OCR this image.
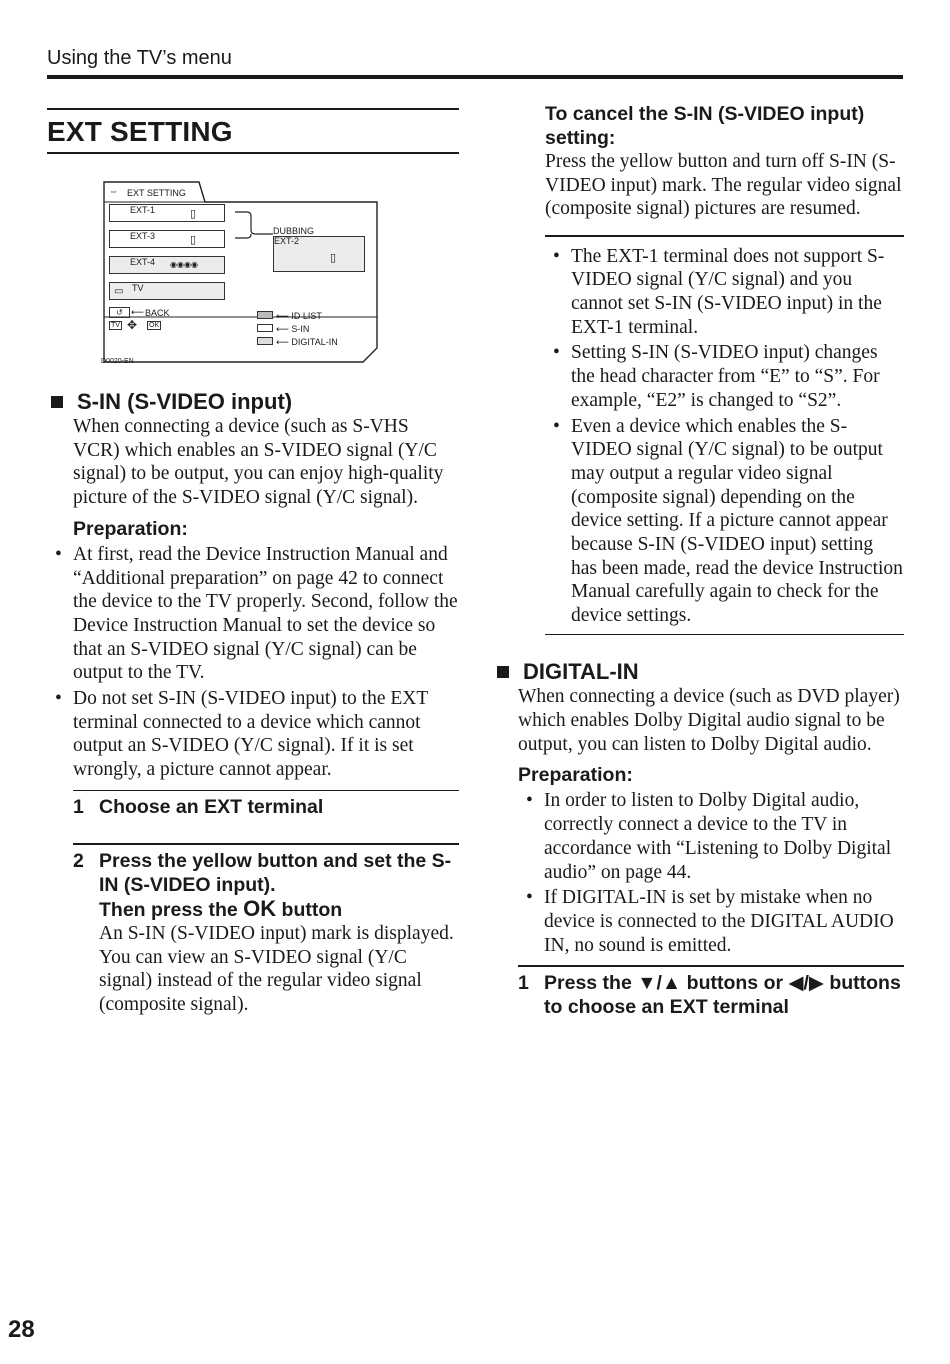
Using the TV’s menu
EXT SETTING
⇔ EXT SETTING
EXT-1	▯
EXT-3	▯
EXT-4 ◉◉◉◉
▭ TV
DUBBING
EXT-2
▯
↺ ⟵ BACK
TV ✥ OK
⟵ ID LIST
⟵ S-IN
⟵ DIGITAL-IN
D0020-EN
S-IN (S-VIDEO input)

When connecting a device (such as S-VHS VCR) which enables an S-VIDEO signal (Y/C signal) to be output, you can enjoy high-quality picture of the S-VIDEO signal (Y/C signal).

Preparation:
• At first, read the Device Instruction Manual and “Additional preparation” on page 42 to connect the device to the TV properly. Second, follow the Device Instruction Manual to set the device so that an S-VIDEO signal (Y/C signal) can be output to the TV.
• Do not set S-IN (S-VIDEO input) to the EXT terminal connected to a device which cannot output an S-VIDEO (Y/C signal). If it is set wrongly, a picture cannot appear.
1 Choose an EXT terminal
2 Press the yellow button and set the S-IN (S-VIDEO input).
Then press the OK button

An S-IN (S-VIDEO input) mark is displayed. You can view an S-VIDEO signal (Y/C signal) instead of the regular video signal (composite signal).

To cancel the S-IN (S-VIDEO input) setting:

Press the yellow button and turn off S-IN (S-VIDEO input) mark. The regular video signal (composite signal) pictures are resumed.

• The EXT-1 terminal does not support S-VIDEO signal (Y/C signal) and you cannot set S-IN (S-VIDEO input) in the EXT-1 terminal.
• Setting S-IN (S-VIDEO input) changes the head character from “E” to “S”. For example, “E2” is changed to “S2”.
• Even a device which enables the S-VIDEO signal (Y/C signal) to be output may output a regular video signal (composite signal) depending on the device setting. If a picture cannot appear because S-IN (S-VIDEO input) setting has been made, read the device Instruction Manual carefully again to check for the device settings.
DIGITAL-IN

When connecting a device (such as DVD player) which enables Dolby Digital audio signal to be output, you can listen to Dolby Digital audio.

Preparation:
• In order to listen to Dolby Digital audio, correctly connect a device to the TV in accordance with “Listening to Dolby Digital audio” on page 44.
• If DIGITAL-IN is set by mistake when no device is connected to the DIGITAL AUDIO IN, no sound is emitted.
1 Press the ▼/▲ buttons or ◀/▶ buttons to choose an EXT terminal
28
